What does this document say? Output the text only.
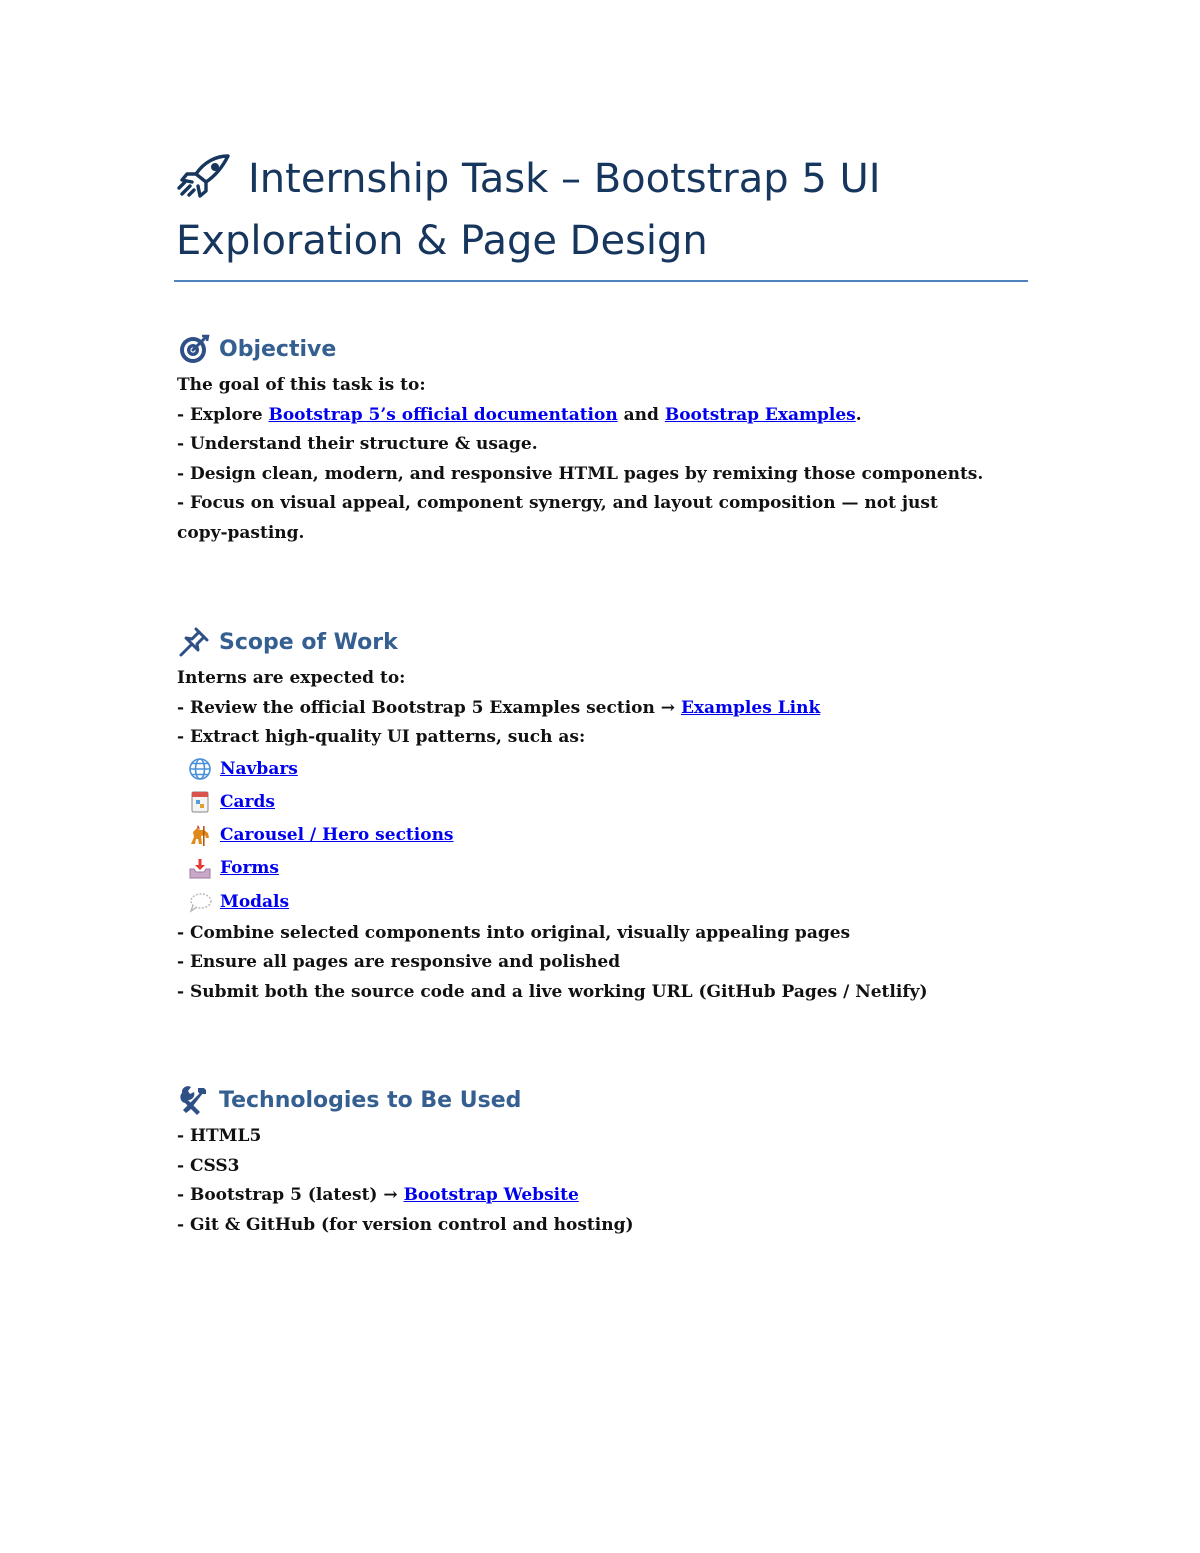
Internship Task – Bootstrap 5 UI

Exploration & Page Design

Objective
The goal of this task is to:
- Explore Bootstrap 5’s official documentation and Bootstrap Examples.
- Understand their structure & usage.
- Design clean, modern, and responsive HTML pages by remixing those components.
- Focus on visual appeal, component synergy, and layout composition — not just copy-pasting.
Scope of Work
Interns are expected to:
- Review the official Bootstrap 5 Examples section → Examples Link
- Extract high-quality UI patterns, such as:
Navbars
Cards
Carousel / Hero sections
Forms
Modals
- Combine selected components into original, visually appealing pages
- Ensure all pages are responsive and polished
- Submit both the source code and a live working URL (GitHub Pages / Netlify)
Technologies to Be Used
- HTML5
- CSS3
- Bootstrap 5 (latest) → Bootstrap Website
- Git & GitHub (for version control and hosting)
